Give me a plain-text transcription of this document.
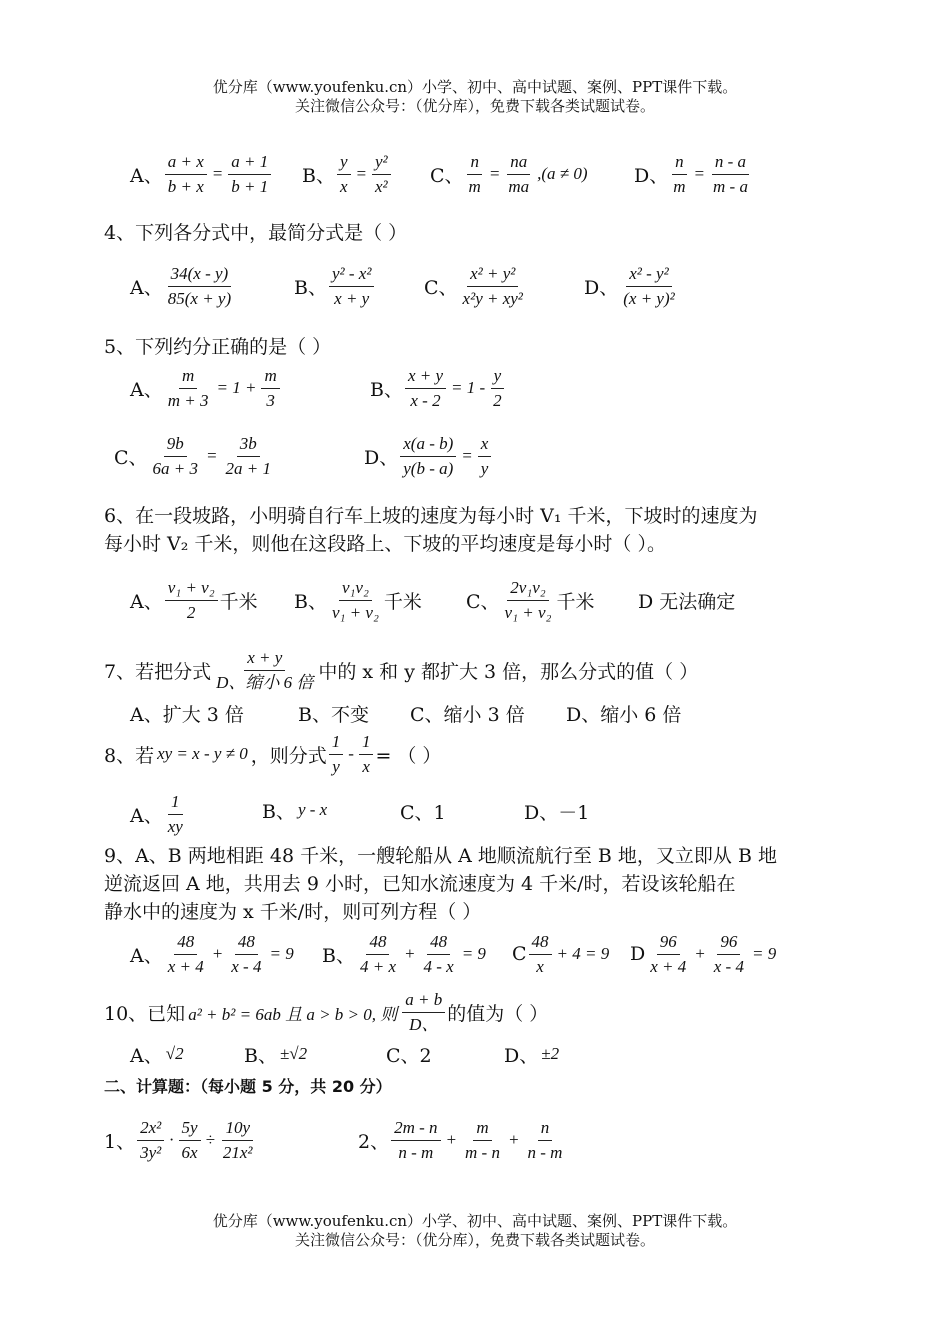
优分库（www.youfenku.cn）小学、初中、高中试题、案例、PPT课件下载。
关注微信公众号：（优分库），免费下载各类试题试卷。
A、 $\frac{a + x}{b + x} = \frac{a + 1}{b + 1}$ B、 $\frac{y}{x} = \frac{\text{y²}}{\text{x²}}$ C、 $\frac{n}{m} = \frac{na}{ma} ,(a \ne 0)$ D、 $\frac{n}{m} = \frac{n - a}{m - a}$
4、下列各分式中，最简分式是（ ）
A、 $\frac{34(x - y)}{85(x + y)}$	B、 $\frac{\text{y² - x²}}{x + y}$	C、 $\frac{\text{x² + y²}}{\text{x²y + xy²}}$	D、 $\frac{\text{x² - y²}}{\text{(x + y)²}}$
5、下列约分正确的是（ ）
A、 $\frac{m}{m + 3} = 1 + \frac{m}{3}$	B、 $\frac{x + y}{x - 2} = 1 - \frac{y}{2}$
C、 $\frac{9b}{6a + 3} = \frac{3b}{2a + 1}$	D、 $\frac{x(a - b)}{y(b - a)} = \frac{x}{y}$
6、在一段坡路，小明骑自行车上坡的速度为每小时 V₁ 千米，下坡时的速度为
每小时 V₂ 千米，则他在这段路上、下坡的平均速度是每小时（ ）。
A、 $\frac{\text{v₁ + v₂}}{2}$ 千米 B、 $\frac{\text{v₁v₂}}{\text{v₁ + v₂}}$ 千米 C、 $\frac{\text{2v₁v₂}}{\text{v₁ + v₂}}$ 千米 D 无法确定
7、若把分式 $\frac{x + y}{\text{D、缩小 6 倍}}$ 中的 x 和 y 都扩大 3 倍，那么分式的值（ ）
A、扩大 3 倍	B、不变 C、缩小 3 倍 D、缩小 6 倍
8、若 xy = x - y ≠ 0 ，则分式 $\frac{1}{y} - \frac{1}{x}$ = （ ）
A、 $\frac{1}{xy}$	B、 y - x	C、1	D、－1
9、A、B 两地相距 48 千米，一艘轮船从 A 地顺流航行至 B 地，又立即从 B 地
逆流返回 A 地，共用去 9 小时，已知水流速度为 4 千米/时，若设该轮船在
静水中的速度为 x 千米/时，则可列方程（ ）
A、 $\frac{48}{x + 4} + \frac{48}{x - 4} = 9$ B、 $\frac{48}{4 + x} + \frac{48}{4 - x} = 9$ C $\frac{48}{x} + 4 = 9$ D $\frac{96}{x + 4} + \frac{96}{x - 4} = 9$
10、已知 a² + b² = 6ab 且 a > b > 0, 则 $\frac{a + b}{D、}$ 的值为（ ）
A、 √2	B、 ±√2	C、2	D、 ±2
二、计算题：（每小题 5 分，共 20 分）
1、 $\frac{\text{2x²}}{\text{3y²}} \cdot \frac{5y}{6x} \div \frac{10y}{\text{21x²}}$	2、 $\frac{2m - n}{n - m} + \frac{m}{m - n} + \frac{n}{n - m}$
优分库（www.youfenku.cn）小学、初中、高中试题、案例、PPT课件下载。
关注微信公众号：（优分库），免费下载各类试题试卷。
